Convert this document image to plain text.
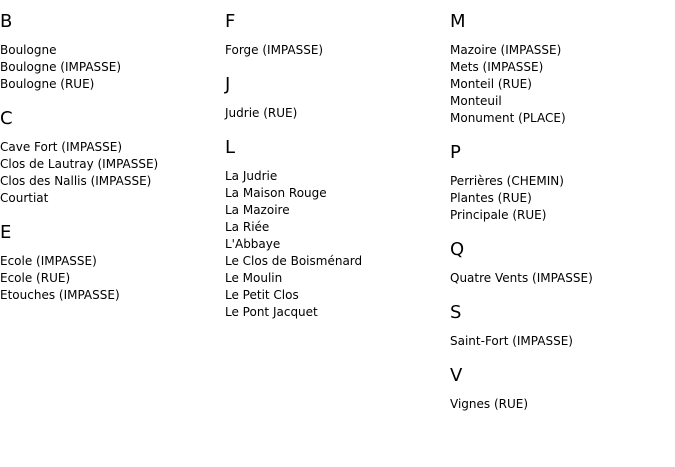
B
Boulogne
Boulogne (IMPASSE)
Boulogne (RUE)
C
Cave Fort (IMPASSE)
Clos de Lautray (IMPASSE)
Clos des Nallis (IMPASSE)
Courtiat
E
Ecole (IMPASSE)
Ecole (RUE)
Etouches (IMPASSE)
F
Forge (IMPASSE)
J
Judrie (RUE)
L
La Judrie
La Maison Rouge
La Mazoire
La Riée
L'Abbaye
Le Clos de Boisménard
Le Moulin
Le Petit Clos
Le Pont Jacquet
M
Mazoire (IMPASSE)
Mets (IMPASSE)
Monteil (RUE)
Monteuil
Monument (PLACE)
P
Perrières (CHEMIN)
Plantes (RUE)
Principale (RUE)
Q
Quatre Vents (IMPASSE)
S
Saint-Fort (IMPASSE)
V
Vignes (RUE)
